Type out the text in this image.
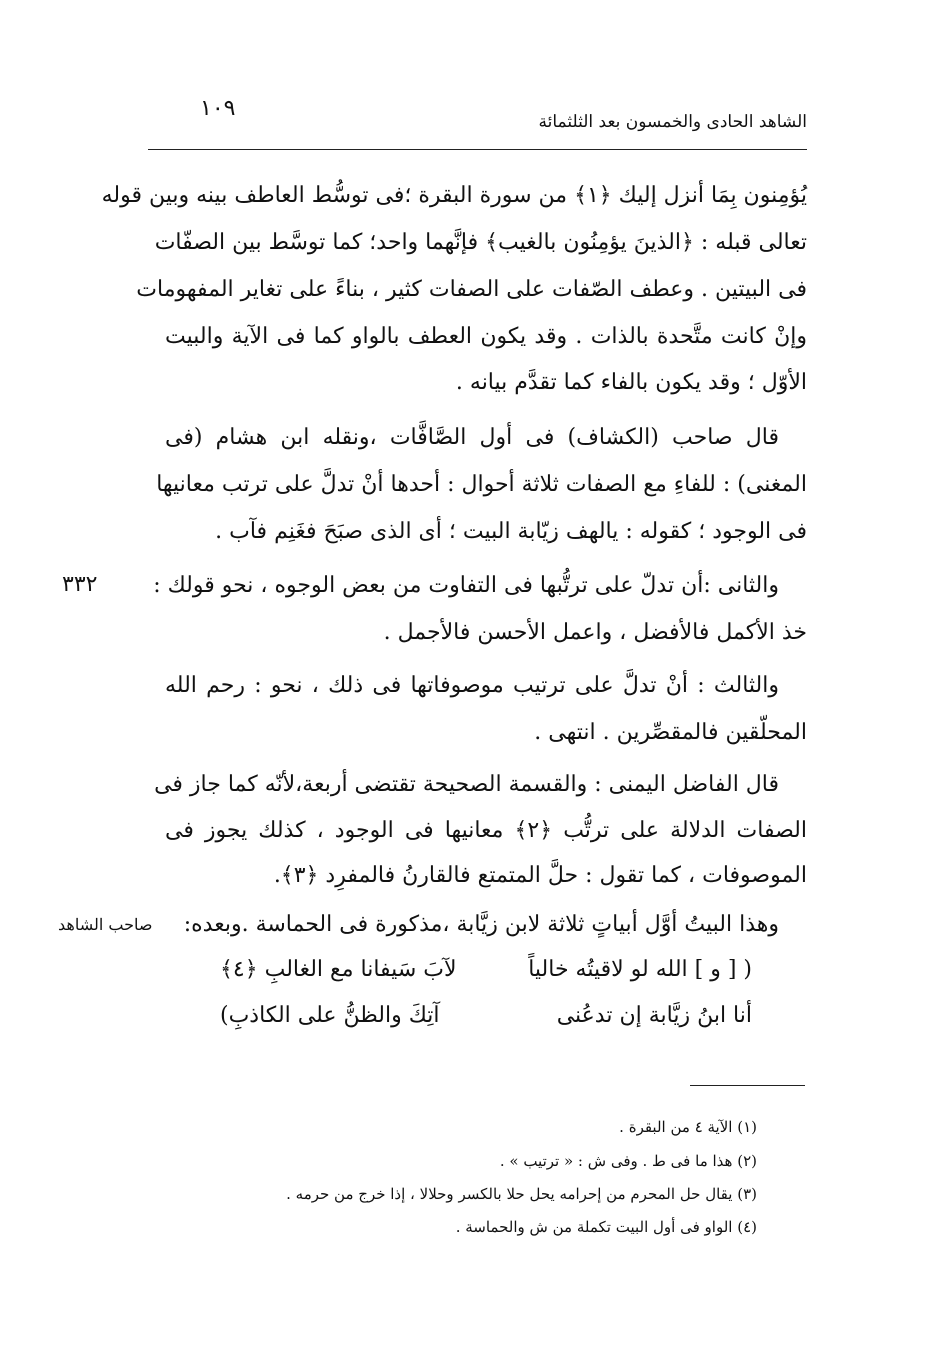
الشاهد الحادى والخمسون بعد الثلثمائة
١٠٩
يُؤمِنون بِمَا أنزل إليك ﴿١﴾ من سورة البقرة ؛فى توسُّط العاطف بينه وبين قوله
تعالى قبله : ﴿الذينَ يؤمِنُون بالغيب﴾ فإنَّهما واحد؛ كما توسَّط بين الصفّات
فى البيتين . وعطف الصّفات على الصفات كثير ، بناءً على تغاير المفهومات
وإنْ كانت متَّحدة بالذات . وقد يكون العطف بالواو كما فى الآية والبيت
الأوّل ؛ وقد يكون بالفاء كما تقدَّم بيانه .
قال صاحب (الكشاف) فى أول الصَّافَّات ،ونقله ابن هشام (فى
المغنى) : للفاءِ مع الصفات ثلاثة أحوال : أحدها أنْ تدلَّ على ترتب معانيها
فى الوجود ؛ كقوله : يالهف زيّابة البيت ؛ أى الذى صبَحَ فغَنِم فآب .
٣٣٢	والثانى :أن تدلّ على ترتُّبها فى التفاوت من بعض الوجوه ، نحو قولك :
خذ الأكمل فالأفضل ، واعمل الأحسن فالأجمل .
والثالث : أنْ تدلَّ على ترتيب موصوفاتها فى ذلك ، نحو : رحم الله
المحلّقين فالمقصِّرين . انتهى .
قال الفاضل اليمنى : والقسمة الصحيحة تقتضى أربعة،لأنّه كما جاز فى
الصفات الدلالة على ترتُّب ﴿٢﴾ معانيها فى الوجود ، كذلك يجوز فى
الموصوفات ، كما تقول : حلَّ المتمتع فالقارنُ فالمفرِد ﴿٣﴾.
صاحب الشاهد وهذا البيتُ أوَّل أبياتٍ ثلاثة لابن زيَّابة ،مذكورة فى الحماسة .وبعده:
( [ و ] الله لو لاقيتُه خالياً
لآبَ سَيفانا مع الغالبِ ﴿٤﴾
أنا ابنُ زيَّابة إن تدعُنى
آتِكَ والظنُّ على الكاذبِ)
(١) الآية ٤ من البقرة .
(٢) هذا ما فى ط . وفى ش : « ترتيب » .
(٣) يقال حل المحرم من إحرامه يحل حلا بالكسر وحلالا ، إذا خرج من حرمه .
(٤) الواو فى أول البيت تكملة من ش والحماسة .
